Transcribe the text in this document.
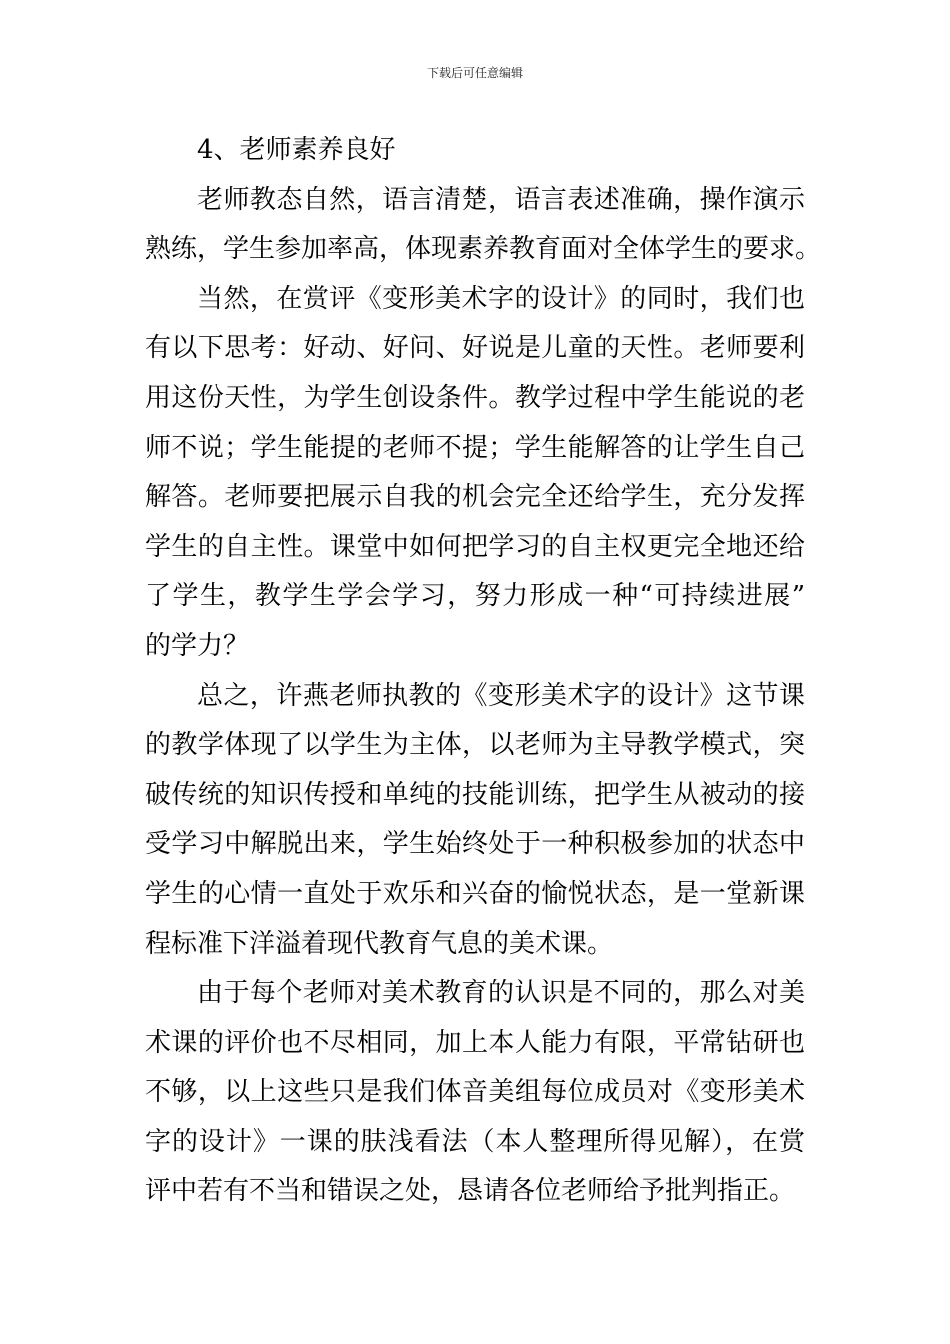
下载后可任意编辑
4、老师素养良好
老师教态自然，语言清楚，语言表述准确，操作演示
熟练，学生参加率高，体现素养教育面对全体学生的要求。
当然，在赏评《变形美术字的设计》的同时，我们也
有以下思考：好动、好问、好说是儿童的天性。老师要利
用这份天性，为学生创设条件。教学过程中学生能说的老
师不说；学生能提的老师不提；学生能解答的让学生自己
解答。老师要把展示自我的机会完全还给学生，充分发挥
学生的自主性。课堂中如何把学习的自主权更完全地还给
了学生，教学生学会学习，努力形成一种“可持续进展”
的学力？
总之，许燕老师执教的《变形美术字的设计》这节课
的教学体现了以学生为主体，以老师为主导教学模式，突
破传统的知识传授和单纯的技能训练，把学生从被动的接
受学习中解脱出来，学生始终处于一种积极参加的状态中
学生的心情一直处于欢乐和兴奋的愉悦状态，是一堂新课
程标准下洋溢着现代教育气息的美术课。
由于每个老师对美术教育的认识是不同的，那么对美
术课的评价也不尽相同，加上本人能力有限，平常钻研也
不够，以上这些只是我们体音美组每位成员对《变形美术
字的设计》一课的肤浅看法（本人整理所得见解），在赏
评中若有不当和错误之处，恳请各位老师给予批判指正。
